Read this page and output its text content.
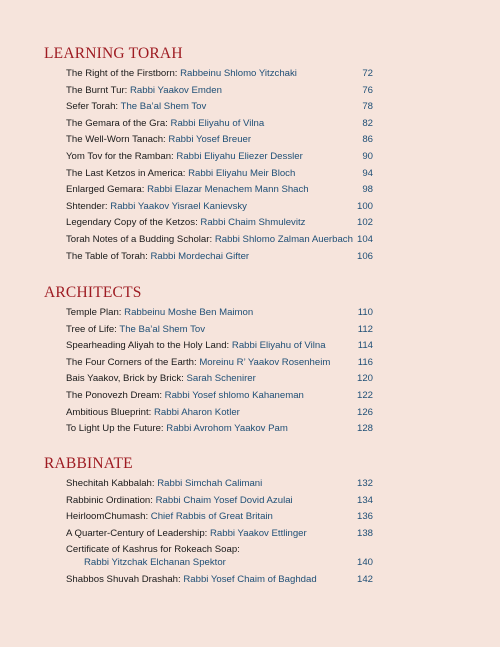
LEARNING TORAH
The Right of the Firstborn: Rabbeinu Shlomo Yitzchaki	72
The Burnt Tur: Rabbi Yaakov Emden	76
Sefer Torah: The Ba’al Shem Tov	78
The Gemara of the Gra: Rabbi Eliyahu of Vilna	82
The Well-Worn Tanach: Rabbi Yosef Breuer	86
Yom Tov for the Ramban: Rabbi Eliyahu Eliezer Dessler	90
The Last Ketzos in America: Rabbi Eliyahu Meir Bloch	94
Enlarged Gemara: Rabbi Elazar Menachem Mann Shach	98
Shtender: Rabbi Yaakov Yisrael Kanievsky	100
Legendary Copy of the Ketzos: Rabbi Chaim Shmulevitz	102
Torah Notes of a Budding Scholar: Rabbi Shlomo Zalman Auerbach 104
The Table of Torah: Rabbi Mordechai Gifter	106
ARCHITECTS
Temple Plan: Rabbeinu Moshe Ben Maimon	110
Tree of Life: The Ba’al Shem Tov	112
Spearheading Aliyah to the Holy Land: Rabbi Eliyahu of Vilna	114
The Four Corners of the Earth: Moreinu R’ Yaakov Rosenheim	116
Bais Yaakov, Brick by Brick: Sarah Schenirer	120
The Ponovezh Dream: Rabbi Yosef shlomo Kahaneman	122
Ambitious Blueprint: Rabbi Aharon Kotler	126
To Light Up the Future: Rabbi Avrohom Yaakov Pam	128
RABBINATE
Shechitah Kabbalah: Rabbi Simchah Calimani	132
Rabbinic Ordination: Rabbi Chaim Yosef Dovid Azulai	134
HeirloomChumash: Chief Rabbis of Great Britain	136
A Quarter-Century of Leadership: Rabbi Yaakov Ettlinger	138
Certificate of Kashrus for Rokeach Soap:
Rabbi Yitzchak Elchanan Spektor	140
Shabbos Shuvah Drashah: Rabbi Yosef Chaim of Baghdad	142
